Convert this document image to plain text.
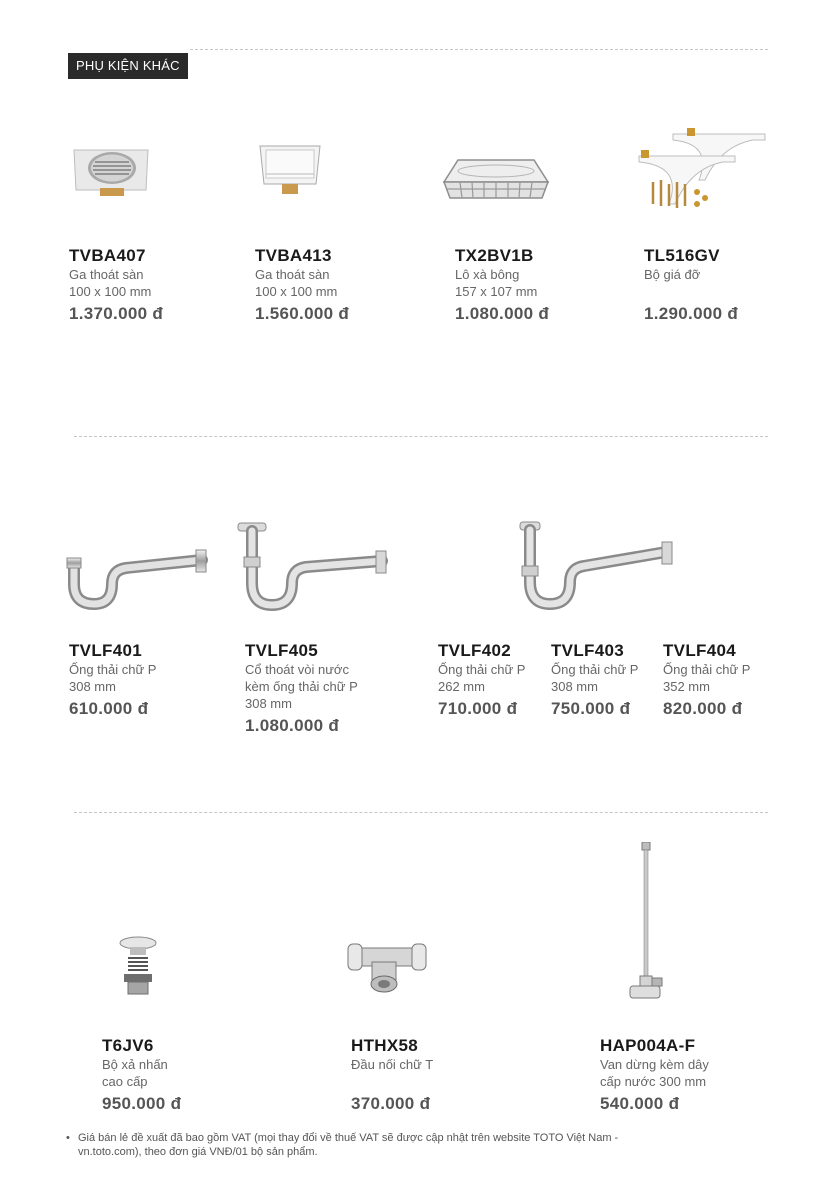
PHỤ KIỆN KHÁC
TVBA407
Ga thoát sàn
100 x 100 mm
1.370.000 đ
TVBA413
Ga thoát sàn
100 x 100 mm
1.560.000 đ
TX2BV1B
Lô xà bông
157 x 107 mm
1.080.000 đ
TL516GV
Bộ giá đỡ

1.290.000 đ
TVLF401
Ống thải chữ P
308 mm
610.000 đ
TVLF405
Cổ thoát vòi nước
kèm ống thải chữ P
308 mm
1.080.000 đ
TVLF402
Ống thải chữ P
262 mm
710.000 đ
TVLF403
Ống thải chữ P
308 mm
750.000 đ
TVLF404
Ống thải chữ P
352 mm
820.000 đ
T6JV6
Bộ xả nhấn
cao cấp
950.000 đ
HTHX58
Đầu nối chữ T

370.000 đ
HAP004A-F
Van dừng kèm dây
cấp nước 300 mm
540.000 đ
• Giá bán lẻ đề xuất đã bao gồm VAT (mọi thay đổi về thuế VAT sẽ được cập nhật trên website TOTO Việt Nam -
vn.toto.com), theo đơn giá VNĐ/01 bộ sản phẩm.
